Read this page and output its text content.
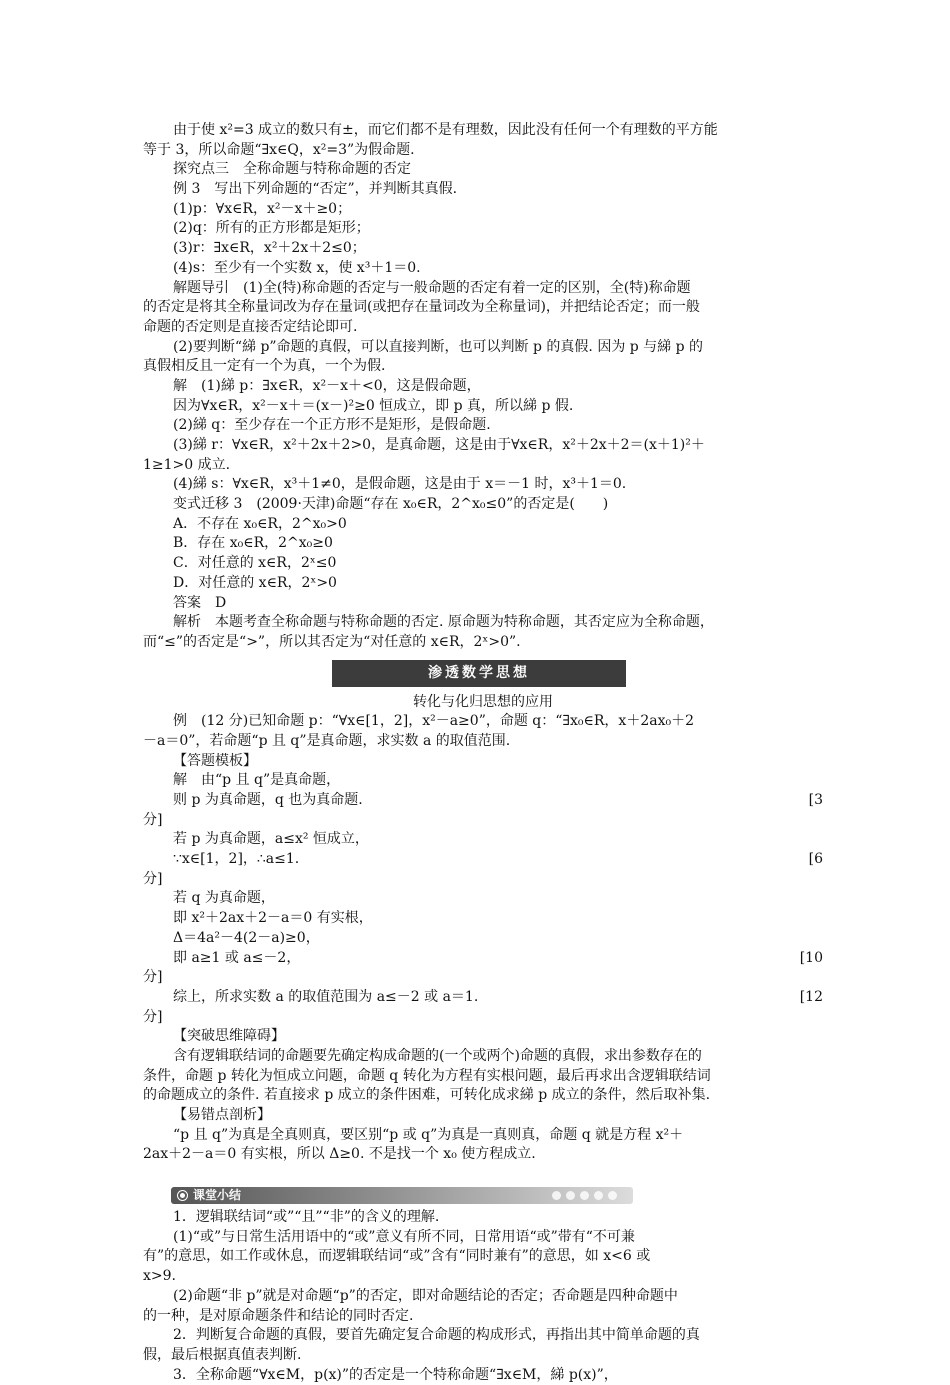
由于使 x²=3 成立的数只有±，而它们都不是有理数，因此没有任何一个有理数的平方能
等于 3，所以命题“∃x∈Q，x²=3”为假命题.
探究点三　全称命题与特称命题的否定
例 3　写出下列命题的“否定”，并判断其真假.
(1)p：∀x∈R，x²－x＋≥0；
(2)q：所有的正方形都是矩形；
(3)r：∃x∈R，x²＋2x＋2≤0；
(4)s：至少有一个实数 x，使 x³＋1＝0.
解题导引　(1)全(特)称命题的否定与一般命题的否定有着一定的区别，全(特)称命题
的否定是将其全称量词改为存在量词(或把存在量词改为全称量词)，并把结论否定；而一般
命题的否定则是直接否定结论即可.
(2)要判断“綈 p”命题的真假，可以直接判断，也可以判断 p 的真假. 因为 p 与綈 p 的
真假相反且一定有一个为真，一个为假.
解　(1)綈 p：∃x∈R，x²－x＋<0，这是假命题，
因为∀x∈R，x²－x＋＝(x－)²≥0 恒成立，即 p 真，所以綈 p 假.
(2)綈 q：至少存在一个正方形不是矩形，是假命题.
(3)綈 r：∀x∈R，x²＋2x＋2>0，是真命题，这是由于∀x∈R，x²＋2x＋2＝(x＋1)²＋
1≥1>0 成立.
(4)綈 s：∀x∈R，x³＋1≠0，是假命题，这是由于 x＝－1 时，x³＋1＝0.
变式迁移 3　(2009·天津)命题“存在 x₀∈R，2^x₀≤0”的否定是(　　)
A．不存在 x₀∈R，2^x₀>0
B．存在 x₀∈R，2^x₀≥0
C．对任意的 x∈R，2ˣ≤0
D．对任意的 x∈R，2ˣ>0
答案　D
解析　本题考查全称命题与特称命题的否定. 原命题为特称命题，其否定应为全称命题，
而“≤”的否定是“>”，所以其否定为“对任意的 x∈R，2ˣ>0”.
渗透数学思想
转化与化归思想的应用
例　(12 分)已知命题 p：“∀x∈[1，2]，x²－a≥0”，命题 q：“∃x₀∈R，x＋2ax₀＋2
－a＝0”，若命题“p 且 q”是真命题，求实数 a 的取值范围.
【答题模板】
解　由“p 且 q”是真命题，
则 p 为真命题，q 也为真命题.	[3
分]
若 p 为真命题，a≤x² 恒成立，
∵x∈[1，2]，∴a≤1.	[6
分]
若 q 为真命题，
即 x²＋2ax＋2－a＝0 有实根，
Δ＝4a²－4(2－a)≥0，
即 a≥1 或 a≤－2，	[10
分]
综上，所求实数 a 的取值范围为 a≤－2 或 a＝1.	[12
分]
【突破思维障碍】
含有逻辑联结词的命题要先确定构成命题的(一个或两个)命题的真假，求出参数存在的
条件，命题 p 转化为恒成立问题，命题 q 转化为方程有实根问题，最后再求出含逻辑联结词
的命题成立的条件. 若直接求 p 成立的条件困难，可转化成求綈 p 成立的条件，然后取补集.
【易错点剖析】
“p 且 q”为真是全真则真，要区别“p 或 q”为真是一真则真，命题 q 就是方程 x²＋
2ax＋2－a＝0 有实根，所以 Δ≥0. 不是找一个 x₀ 使方程成立.
课堂小结
1．逻辑联结词“或”“且”“非”的含义的理解.
(1)“或”与日常生活用语中的“或”意义有所不同，日常用语“或”带有“不可兼
有”的意思，如工作或休息，而逻辑联结词“或”含有“同时兼有”的意思，如 x<6 或
x>9.
(2)命题“非 p”就是对命题“p”的否定，即对命题结论的否定；否命题是四种命题中
的一种，是对原命题条件和结论的同时否定.
2．判断复合命题的真假，要首先确定复合命题的构成形式，再指出其中简单命题的真
假，最后根据真值表判断.
3．全称命题“∀x∈M，p(x)”的否定是一个特称命题“∃x∈M，綈 p(x)”，
